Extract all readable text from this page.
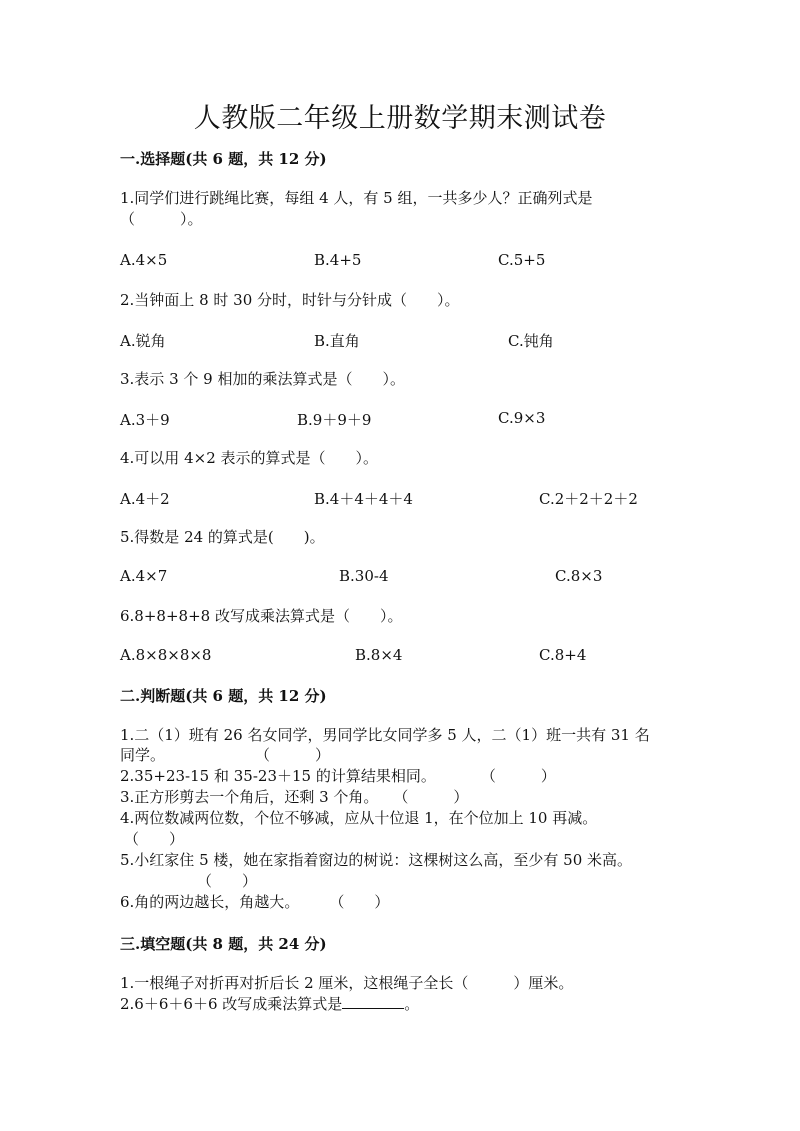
人教版二年级上册数学期末测试卷
一.选择题(共 6 题，共 12 分)
1.同学们进行跳绳比赛，每组 4 人，有 5 组，一共多少人？正确列式是
（　　　）。
A.4×5	B.4+5	C.5+5
2.当钟面上 8 时 30 分时，时针与分针成（　　）。
A.锐角	B.直角	C.钝角
3.表示 3 个 9 相加的乘法算式是（　　）。
A.3＋9	B.9＋9＋9	C.9×3
4.可以用 4×2 表示的算式是（　　）。
A.4＋2	B.4＋4＋4＋4	C.2＋2＋2＋2
5.得数是 24 的算式是(　　)。
A.4×7	B.30-4	C.8×3
6.8+8+8+8 改写成乘法算式是（　　）。
A.8×8×8×8	B.8×4	C.8+4
二.判断题(共 6 题，共 12 分)
1.二（1）班有 26 名女同学，男同学比女同学多 5 人，二（1）班一共有 31 名
同学。　　　　　　　（　　　）
2.35+23-15 和 35-23＋15 的计算结果相同。　　　　（　　　）
3.正方形剪去一个角后，还剩 3 个角。　　（　　　）
4.两位数减两位数，个位不够减，应从十位退 1，在个位加上 10 再减。
（　　）
5.小红家住 5 楼，她在家指着窗边的树说：这棵树这么高，至少有 50 米高。
（　　）
6.角的两边越长，角越大。　　　（　　）
三.填空题(共 8 题，共 24 分)
1.一根绳子对折再对折后长 2 厘米，这根绳子全长（　　　）厘米。
2.6＋6＋6＋6 改写成乘法算式是	。
